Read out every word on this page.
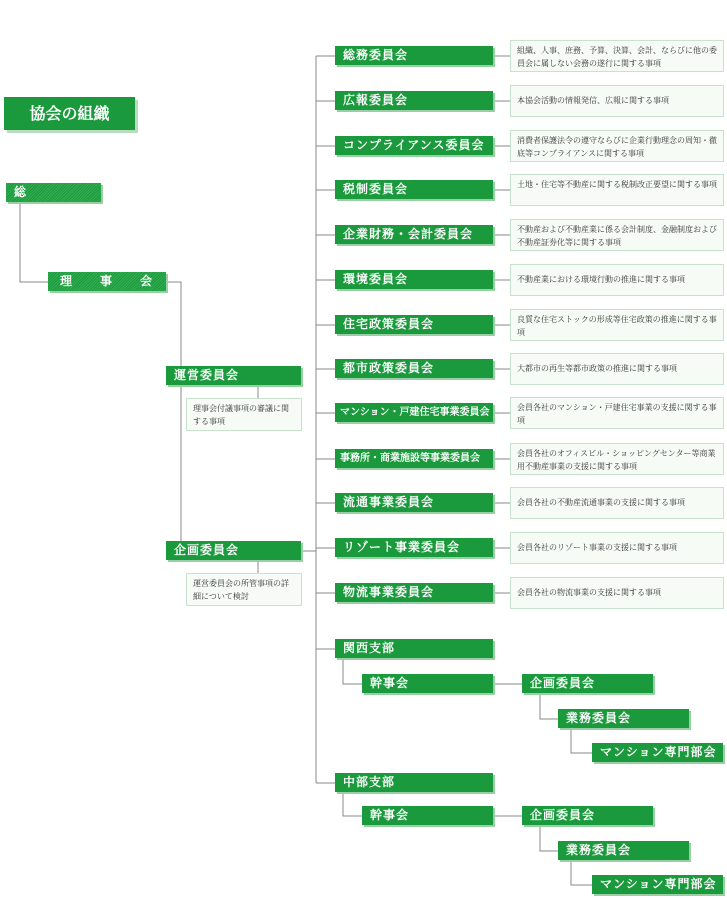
協会の組織
総　　会
理　事　会
運営委員会
理事会付議事項の審議に関する事項
企画委員会
運営委員会の所管事項の詳細について検討
総務委員会	組織、人事、庶務、予算、決算、会計、ならびに他の委員会に属しない会務の遂行に関する事項
広報委員会	本協会活動の情報発信、広報に関する事項
コンプライアンス委員会	消費者保護法令の遵守ならびに企業行動理念の周知・徹底等コンプライアンスに関する事項
税制委員会	土地・住宅等不動産に関する税制改正要望に関する事項
企業財務・会計委員会	不動産および不動産業に係る会計制度、金融制度および不動産証券化等に関する事項
環境委員会	不動産業における環境行動の推進に関する事項
住宅政策委員会	良質な住宅ストックの形成等住宅政策の推進に関する事項
都市政策委員会	大都市の再生等都市政策の推進に関する事項
マンション・戸建住宅事業委員会	会員各社のマンション・戸建住宅事業の支援に関する事項
事務所・商業施設等事業委員会	会員各社のオフィスビル・ショッピングセンター等商業用不動産事業の支援に関する事項
流通事業委員会	会員各社の不動産流通事業の支援に関する事項
リゾート事業委員会	会員各社のリゾート事業の支援に関する事項
物流事業委員会	会員各社の物流事業の支援に関する事項
関西支部
幹事会	企画委員会
業務委員会
マンション専門部会
中部支部
幹事会	企画委員会
業務委員会
マンション専門部会
